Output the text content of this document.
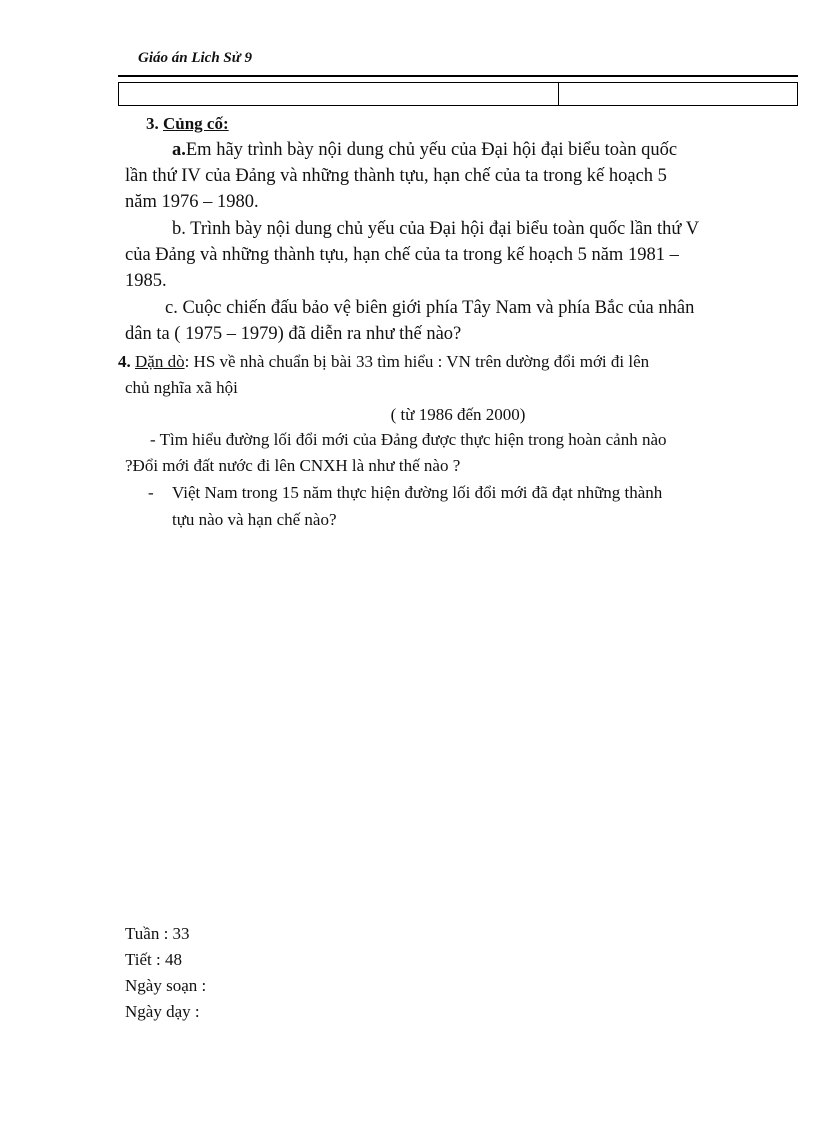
Giáo án Lich Sử 9
3. Củng cố:
a.Em hãy trình bày nội dung chủ yếu của Đại hội đại biểu toàn quốc
lần thứ IV của Đảng và những thành tựu, hạn chế của ta trong kế hoạch 5
năm 1976 – 1980.
b. Trình bày nội dung chủ yếu của Đại hội đại biểu toàn quốc lần thứ V
của Đảng và những thành tựu, hạn chế của ta trong kế hoạch 5 năm 1981 –
1985.
c. Cuộc chiến đấu bảo vệ biên giới phía Tây Nam và phía Bắc của nhân
dân ta ( 1975 – 1979) đã diễn ra như thế nào?
4. Dặn dò: HS về nhà chuẩn bị bài 33 tìm hiểu : VN trên dường đổi mới đi lên
chủ nghĩa xã hội
( từ 1986 đến 2000)
- Tìm hiểu đường lối đổi mới của Đảng được thực hiện trong hoàn cảnh nào
?Đổi mới đất nước đi lên CNXH là như thế nào ?
- Việt Nam trong 15 năm thực hiện đường lối đổi mới đã đạt những thành
tựu nào và hạn chế nào?
Tuần : 33
Tiết : 48
Ngày soạn :
Ngày dạy :
